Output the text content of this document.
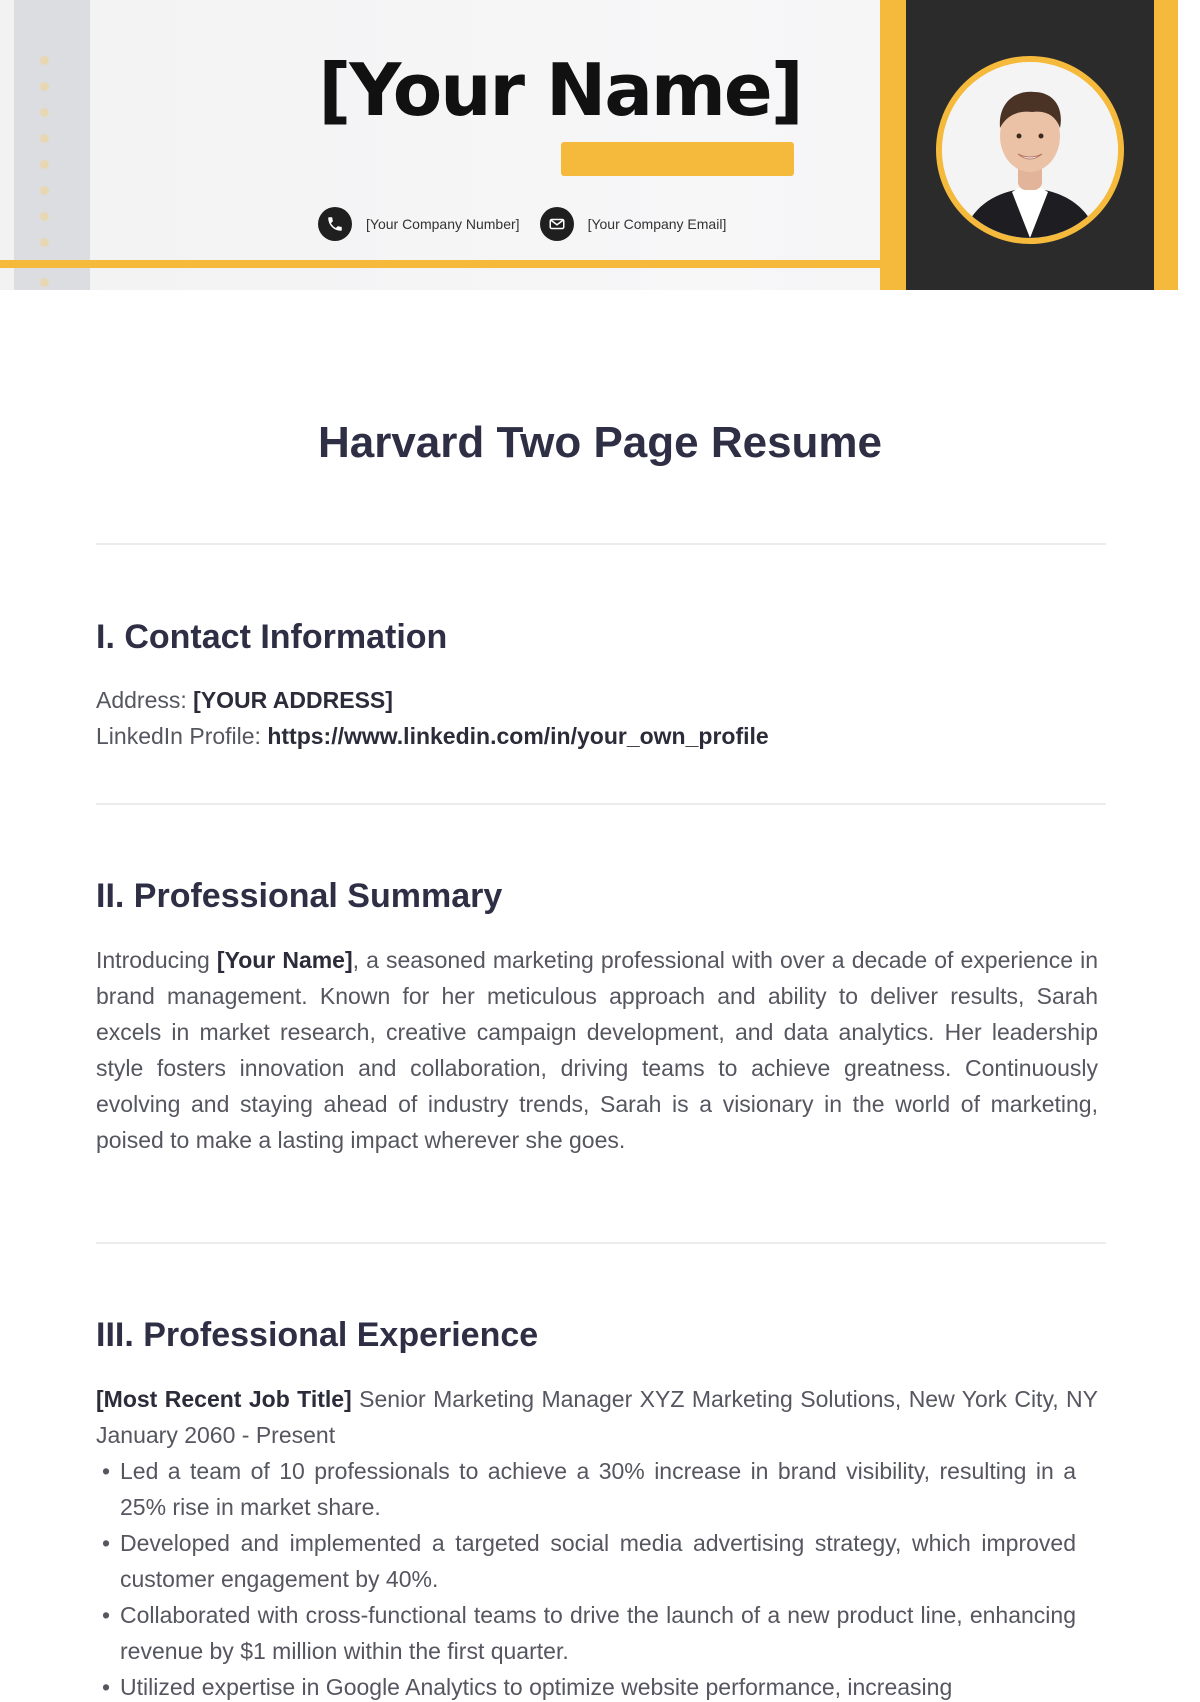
[Your Name]
[Your Company Number]	[Your Company Email]
Harvard Two Page Resume
I. Contact Information
Address: [YOUR ADDRESS]
LinkedIn Profile: https://www.linkedin.com/in/your_own_profile
II. Professional Summary
Introducing [Your Name], a seasoned marketing professional with over a decade of experience in brand management. Known for her meticulous approach and ability to deliver results, Sarah excels in market research, creative campaign development, and data analytics. Her leadership style fosters innovation and collaboration, driving teams to achieve greatness. Continuously evolving and staying ahead of industry trends, Sarah is a visionary in the world of marketing, poised to make a lasting impact wherever she goes.
III. Professional Experience
[Most Recent Job Title] Senior Marketing Manager XYZ Marketing Solutions, New York City, NY January 2060 - Present
• Led a team of 10 professionals to achieve a 30% increase in brand visibility, resulting in a 25% rise in market share.
• Developed and implemented a targeted social media advertising strategy, which improved customer engagement by 40%.
• Collaborated with cross-functional teams to drive the launch of a new product line, enhancing revenue by $1 million within the first quarter.
• Utilized expertise in Google Analytics to optimize website performance, increasing
